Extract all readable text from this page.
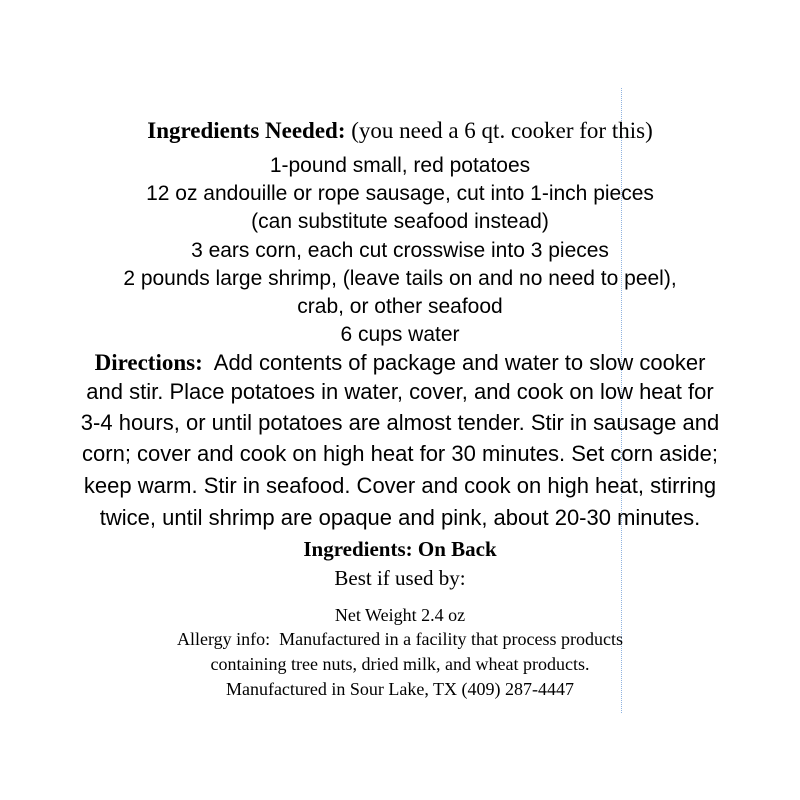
Ingredients Needed: (you need a 6 qt. cooker for this)
1-pound small, red potatoes
12 oz andouille or rope sausage, cut into 1-inch pieces
(can substitute seafood instead)
3 ears corn, each cut crosswise into 3 pieces
2 pounds large shrimp, (leave tails on and no need to peel),
crab, or other seafood
6 cups water
Directions:  Add contents of package and water to slow cooker
and stir. Place potatoes in water, cover, and cook on low heat for
3-4 hours, or until potatoes are almost tender. Stir in sausage and
corn; cover and cook on high heat for 30 minutes. Set corn aside;
keep warm. Stir in seafood. Cover and cook on high heat, stirring
twice, until shrimp are opaque and pink, about 20-30 minutes.
Ingredients: On Back
Best if used by:
Net Weight 2.4 oz
Allergy info:  Manufactured in a facility that process products
containing tree nuts, dried milk, and wheat products.
Manufactured in Sour Lake, TX (409) 287-4447
